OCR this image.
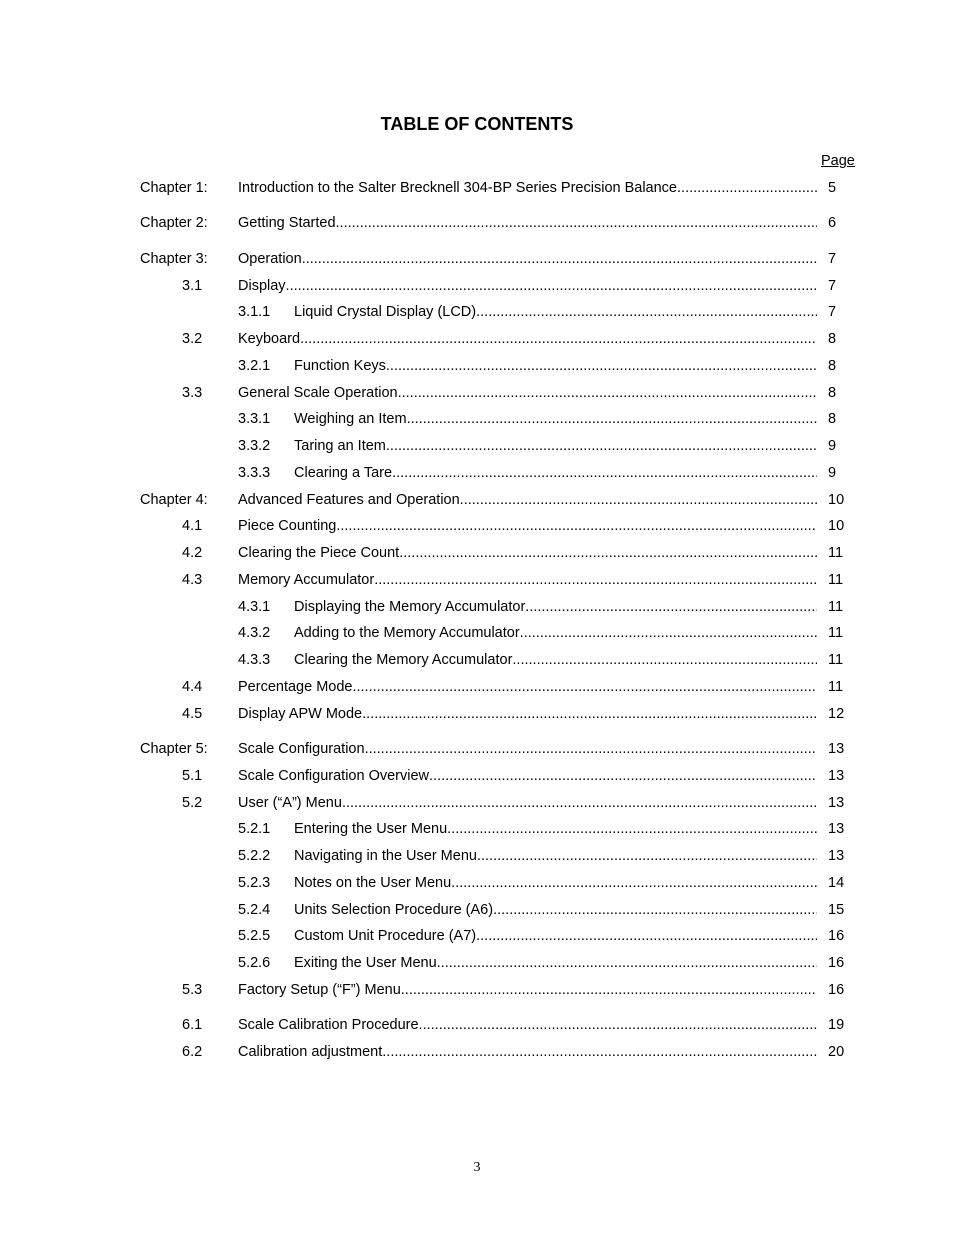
TABLE OF CONTENTS
Page
Chapter 1: Introduction to the Salter Brecknell 304-BP Series Precision Balance .....	5
Chapter 2: Getting Started .....	6
Chapter 3: Operation .....	7
3.1 Display .....	7
3.1.1	Liquid Crystal Display (LCD) .....	7
3.2 Keyboard .....	8
3.2.1	Function Keys .....	8
3.3 General Scale Operation .....	8
3.3.1	Weighing an Item .....	8
3.3.2	Taring an Item .....	9
3.3.3	Clearing a Tare .....	9
Chapter 4: Advanced Features and Operation .....	10
4.1 Piece Counting .....	10
4.2 Clearing the Piece Count .....	11
4.3 Memory Accumulator .....	11
4.3.1	Displaying the Memory Accumulator .....	11
4.3.2	Adding to the Memory Accumulator .....	11
4.3.3	Clearing the Memory Accumulator .....	11
4.4 Percentage Mode .....	11
4.5 Display APW Mode .....	12
Chapter 5: Scale Configuration .....	13
5.1 Scale Configuration Overview .....	13
5.2 User (“A”) Menu .....	13
5.2.1	Entering the User Menu .....	13
5.2.2	Navigating in the User Menu .....	13
5.2.3	Notes on the User Menu .....	14
5.2.4	Units Selection Procedure (A6) .....	15
5.2.5	Custom Unit Procedure (A7) .....	16
5.2.6	Exiting the User Menu .....	16
5.3 Factory Setup (“F”) Menu .....	16
6.1 Scale Calibration Procedure .....	19
6.2 Calibration adjustment .....	20
3
